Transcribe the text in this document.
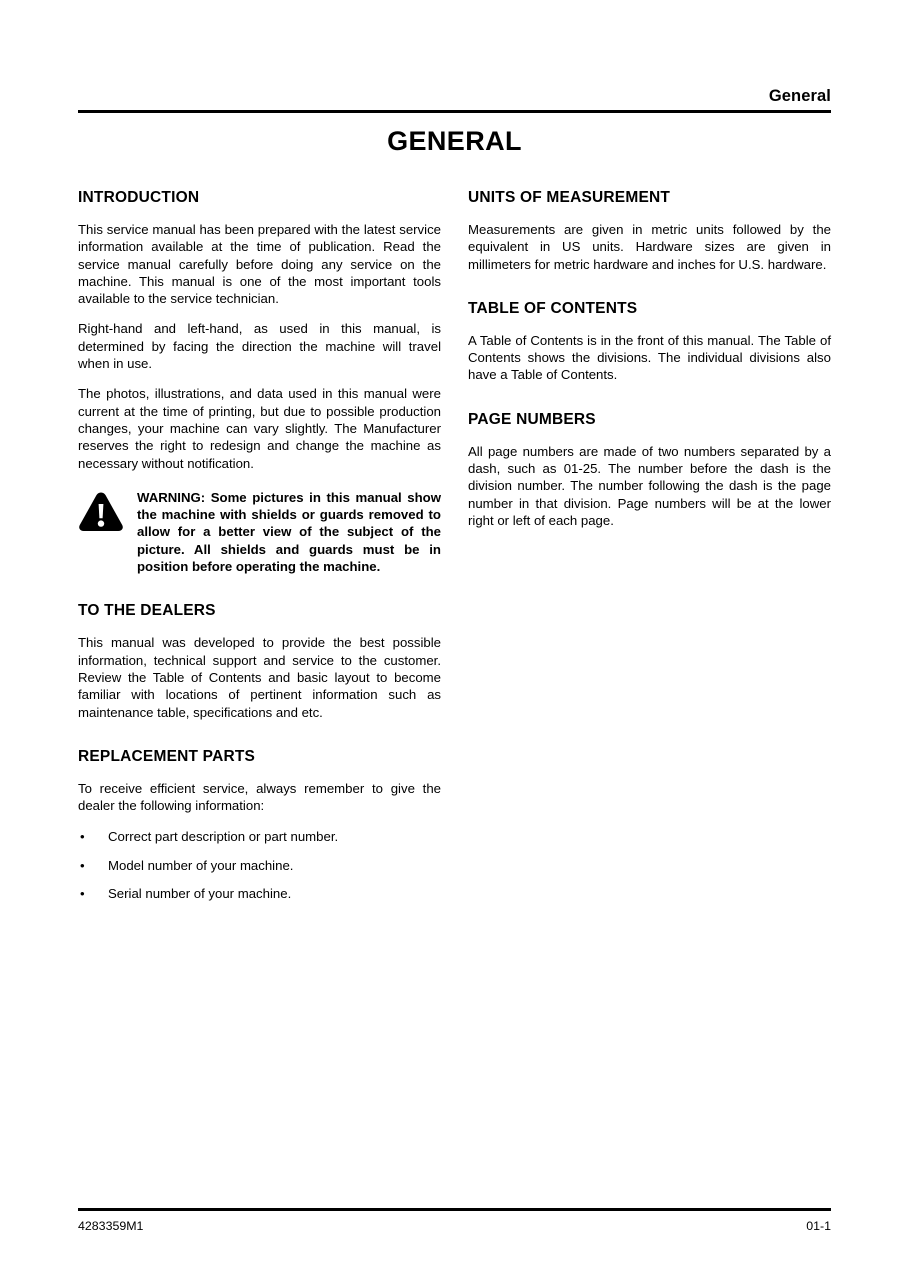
General
GENERAL
INTRODUCTION

This service manual has been prepared with the latest service information available at the time of publication. Read the service manual carefully before doing any service on the machine. This manual is one of the most important tools available to the service technician.

Right-hand and left-hand, as used in this manual, is determined by facing the direction the machine will travel when in use.

The photos, illustrations, and data used in this manual were current at the time of printing, but due to possible production changes, your machine can vary slightly. The Manufacturer reserves the right to redesign and change the machine as necessary without notification.

WARNING: Some pictures in this manual show the machine with shields or guards removed to allow for a better view of the subject of the picture. All shields and guards must be in position before operating the machine.

TO THE DEALERS

This manual was developed to provide the best possible information, technical support and service to the customer. Review the Table of Contents and basic layout to become familiar with locations of pertinent information such as maintenance table, specifications and etc.

REPLACEMENT PARTS

To receive efficient service, always remember to give the dealer the following information:

• Correct part description or part number.
• Model number of your machine.
• Serial number of your machine.
UNITS OF MEASUREMENT

Measurements are given in metric units followed by the equivalent in US units. Hardware sizes are given in millimeters for metric hardware and inches for U.S. hardware.

TABLE OF CONTENTS

A Table of Contents is in the front of this manual. The Table of Contents shows the divisions. The individual divisions also have a Table of Contents.

PAGE NUMBERS

All page numbers are made of two numbers separated by a dash, such as 01-25. The number before the dash is the division number. The number following the dash is the page number in that division. Page numbers will be at the lower right or left of each page.

4283359M1	01-1
